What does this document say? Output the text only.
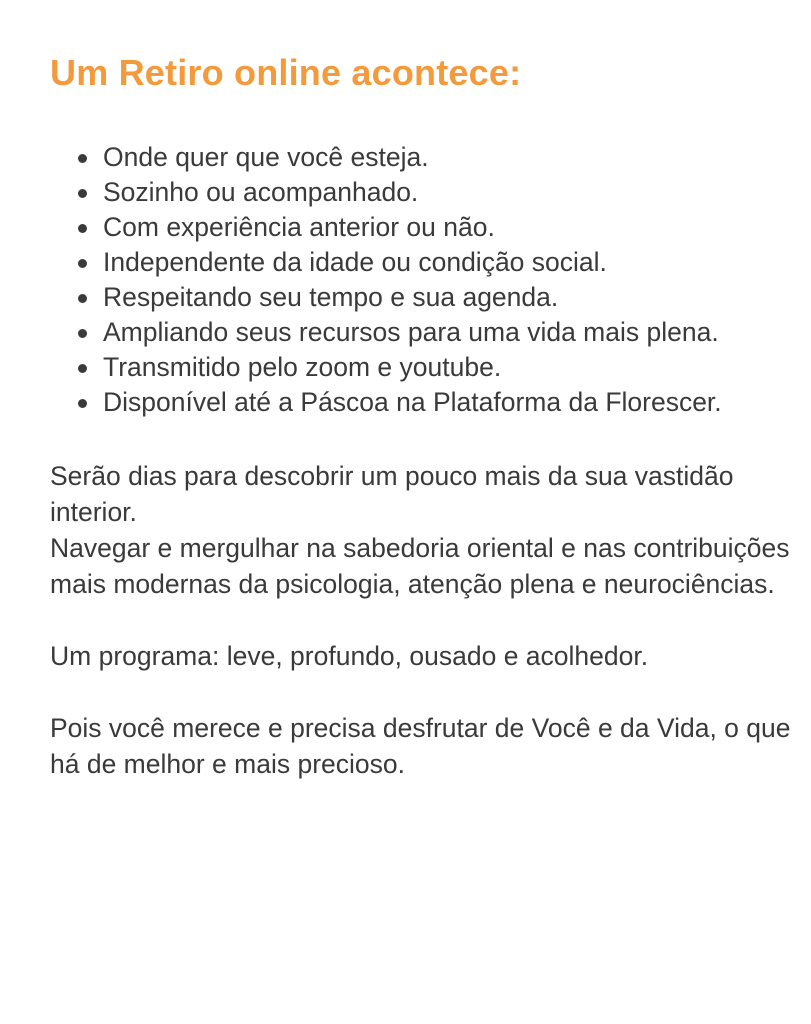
Um Retiro online acontece:
Onde quer que você esteja.
Sozinho ou acompanhado.
Com experiência anterior ou não.
Independente da idade ou condição social.
Respeitando seu tempo e sua agenda.
Ampliando seus recursos para uma vida mais plena.
Transmitido pelo zoom e youtube.
Disponível até a Páscoa na Plataforma da Florescer.

Serão dias para descobrir um pouco mais da sua vastidão interior.

Navegar e mergulhar na sabedoria oriental e nas contribuições mais modernas da psicologia, atenção plena e neurociências.

Um programa: leve, profundo, ousado e acolhedor.

Pois você merece e precisa desfrutar de Você e da Vida, o que há de melhor e mais precioso.
